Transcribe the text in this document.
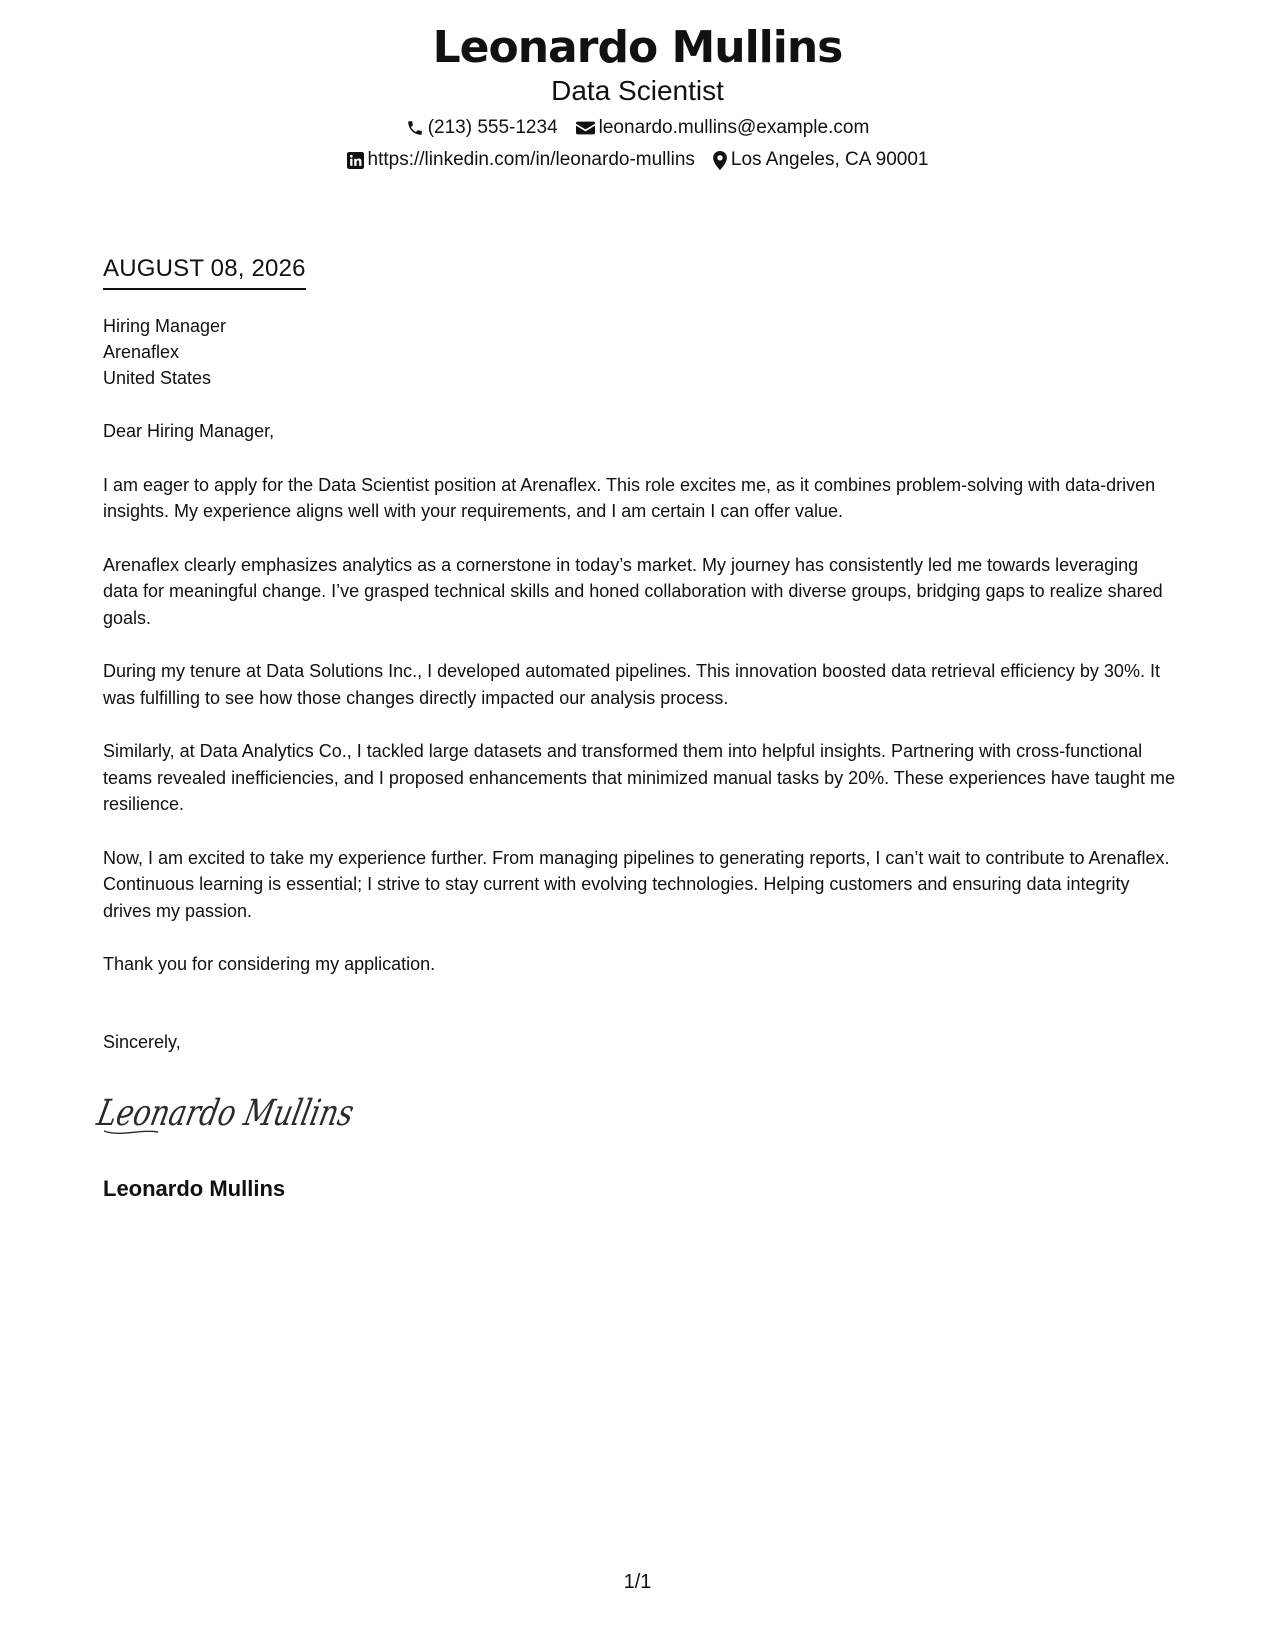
Leonardo Mullins
Data Scientist
(213) 555-1234 leonardo.mullins@example.com
https://linkedin.com/in/leonardo-mullins Los Angeles, CA 90001
AUGUST 08, 2026
Hiring Manager
Arenaflex
United States
Dear Hiring Manager,
I am eager to apply for the Data Scientist position at Arenaflex. This role excites me, as it combines problem-solving with data-driven insights. My experience aligns well with your requirements, and I am certain I can offer value.
Arenaflex clearly emphasizes analytics as a cornerstone in today’s market. My journey has consistently led me towards leveraging data for meaningful change. I’ve grasped technical skills and honed collaboration with diverse groups, bridging gaps to realize shared goals.
During my tenure at Data Solutions Inc., I developed automated pipelines. This innovation boosted data retrieval efficiency by 30%. It was fulfilling to see how those changes directly impacted our analysis process.
Similarly, at Data Analytics Co., I tackled large datasets and transformed them into helpful insights. Partnering with cross-functional teams revealed inefficiencies, and I proposed enhancements that minimized manual tasks by 20%. These experiences have taught me resilience.
Now, I am excited to take my experience further. From managing pipelines to generating reports, I can’t wait to contribute to Arenaflex. Continuous learning is essential; I strive to stay current with evolving technologies. Helping customers and ensuring data integrity drives my passion.
Thank you for considering my application.
Sincerely,
Leonardo Mullins
Leonardo Mullins
1/1
